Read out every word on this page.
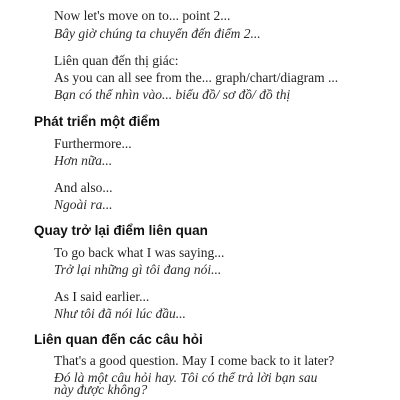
Now let's move on to... point 2...

Bây giờ chúng ta chuyển đến điểm 2...

Liên quan đến thị giác:

As you can all see from the... graph/chart/diagram ...

Bạn có thể nhìn vào... biểu đồ/ sơ đồ/ đồ thị

Phát triển một điểm

Furthermore...

Hơn nữa...

And also...

Ngoài ra...

Quay trở lại điểm liên quan

To go back what I was saying...

Trở lại những gì tôi đang nói...

As I said earlier...

Như tôi đã nói lúc đầu...

Liên quan đến các câu hỏi

That's a good question. May I come back to it later?

Đó là một câu hỏi hay. Tôi có thể trả lời bạn sau

này được không?
